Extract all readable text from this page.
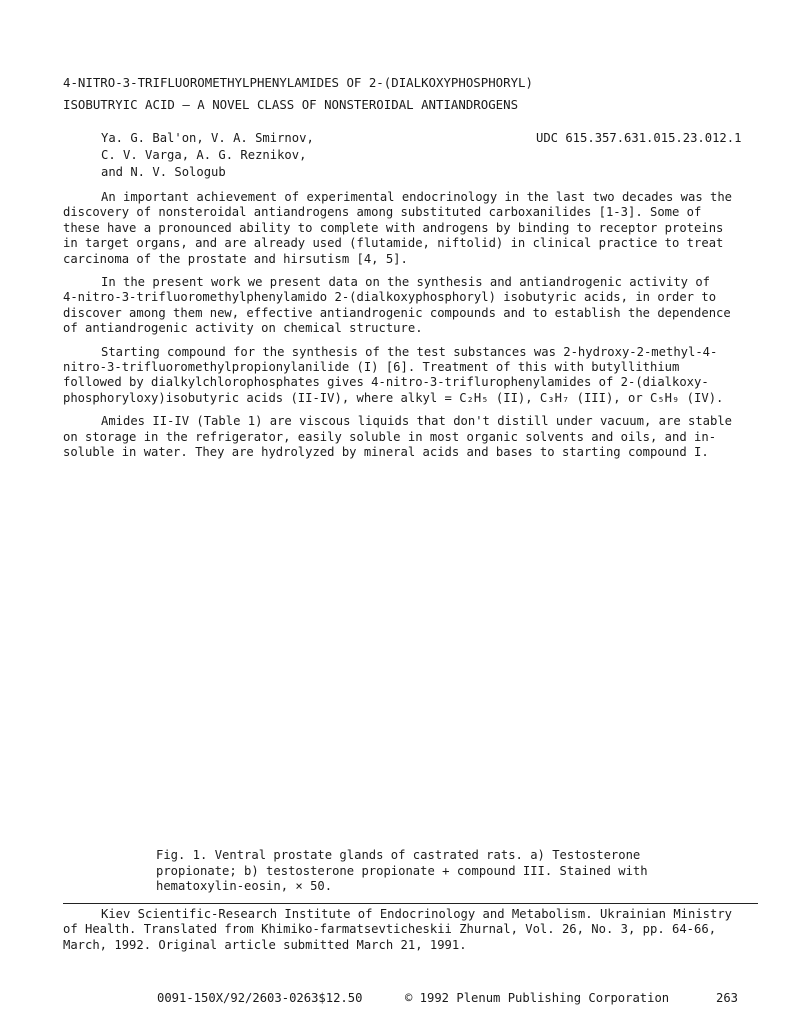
4-NITRO-3-TRIFLUOROMETHYLPHENYLAMIDES OF 2-(DIALKOXYPHOSPHORYL)
ISOBUTRYIC ACID — A NOVEL CLASS OF NONSTEROIDAL ANTIANDROGENS
Ya. G. Bal'on, V. A. Smirnov,
C. V. Varga, A. G. Reznikov,
and N. V. Sologub
UDC 615.357.631.015.23.012.1
An important achievement of experimental endocrinology in the last two decades was the
discovery of nonsteroidal antiandrogens among substituted carboxanilides [1-3]. Some of
these have a pronounced ability to complete with androgens by binding to receptor proteins
in target organs, and are already used (flutamide, niftolid) in clinical practice to treat
carcinoma of the prostate and hirsutism [4, 5].
In the present work we present data on the synthesis and antiandrogenic activity of
4-nitro-3-trifluoromethylphenylamido 2-(dialkoxyphosphoryl) isobutyric acids, in order to
discover among them new, effective antiandrogenic compounds and to establish the dependence
of antiandrogenic activity on chemical structure.
Starting compound for the synthesis of the test substances was 2-hydroxy-2-methyl-4-
nitro-3-trifluoromethylpropionylanilide (I) [6]. Treatment of this with butyllithium
followed by dialkylchlorophosphates gives 4-nitro-3-triflurophenylamides of 2-(dialkoxy-
phosphoryloxy)isobutyric acids (II-IV), where alkyl = C₂H₅ (II), C₃H₇ (III), or C₅H₉ (IV).
Amides II-IV (Table 1) are viscous liquids that don't distill under vacuum, are stable
on storage in the refrigerator, easily soluble in most organic solvents and oils, and in-
soluble in water. They are hydrolyzed by mineral acids and bases to starting compound I.
Fig. 1. Ventral prostate glands of castrated rats. a) Testosterone
propionate; b) testosterone propionate + compound III. Stained with
hematoxylin-eosin, × 50.
Kiev Scientific-Research Institute of Endocrinology and Metabolism. Ukrainian Ministry
of Health. Translated from Khimiko-farmatsevticheskii Zhurnal, Vol. 26, No. 3, pp. 64-66,
March, 1992. Original article submitted March 21, 1991.
0091-150X/92/2603-0263$12.50	© 1992 Plenum Publishing Corporation	263
